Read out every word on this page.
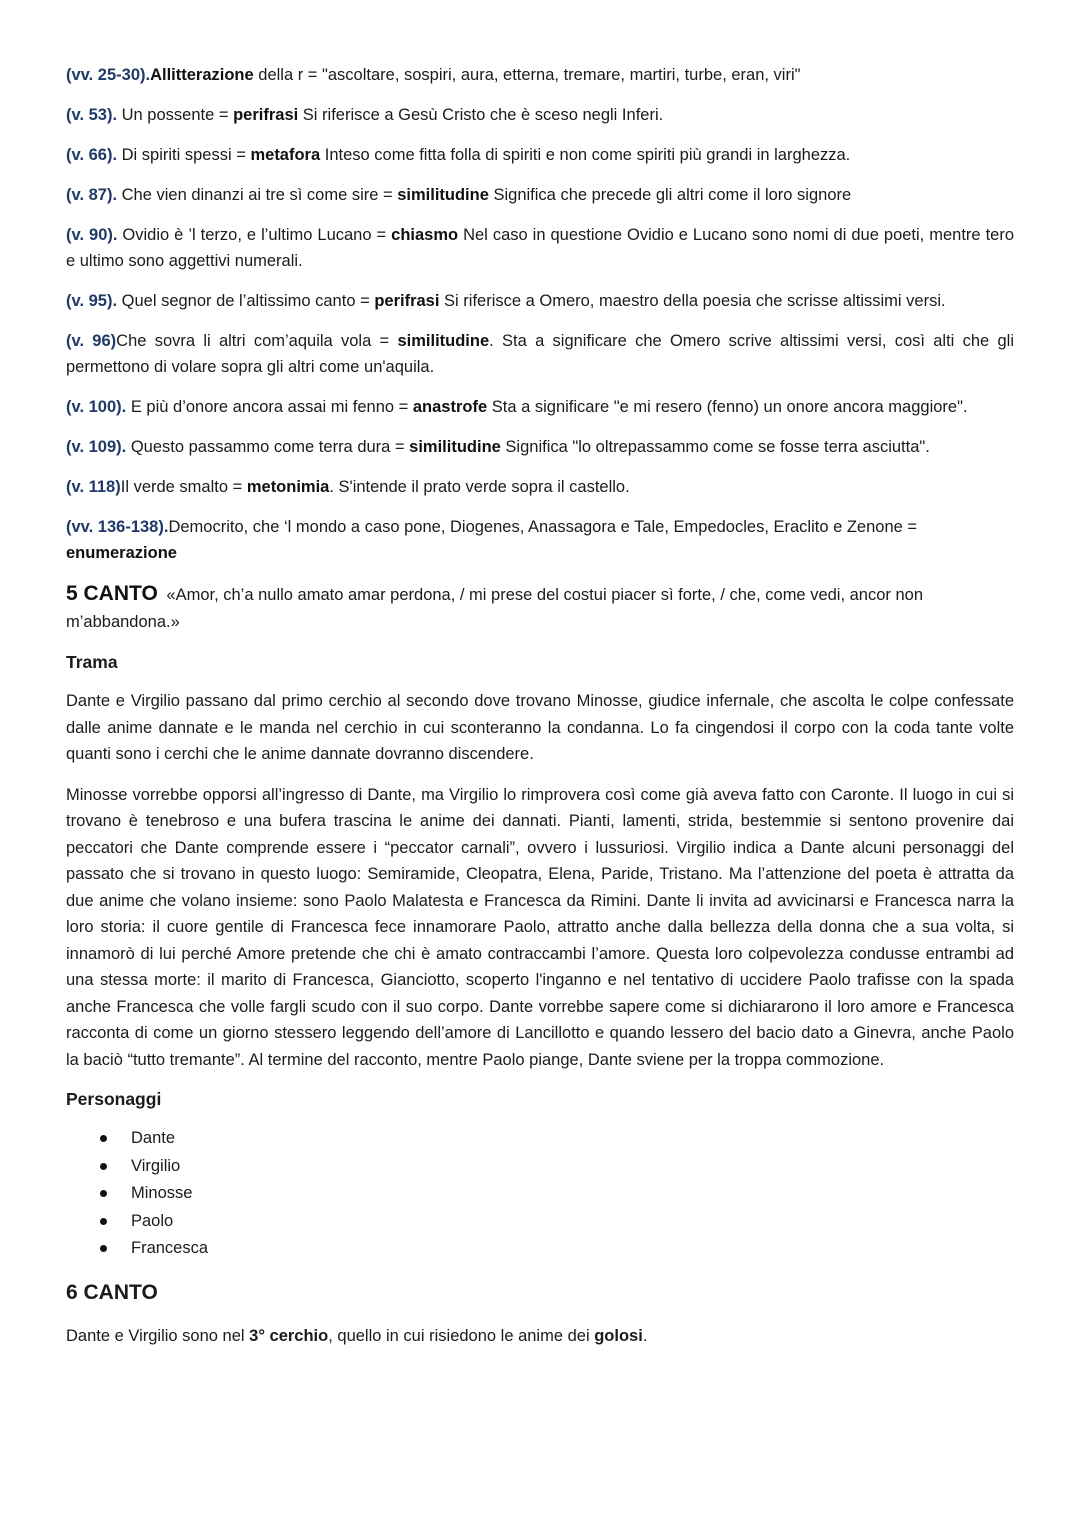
(vv. 25-30).Allitterazione della r = "ascoltare, sospiri, aura, etterna, tremare, martiri, turbe, eran, viri"

(v. 53). Un possente = perifrasi Si riferisce a Gesù Cristo che è sceso negli Inferi.

(v. 66). Di spiriti spessi = metafora Inteso come fitta folla di spiriti e non come spiriti più grandi in larghezza.

(v. 87). Che vien dinanzi ai tre sì come sire = similitudine Significa che precede gli altri come il loro signore

(v. 90). Ovidio è ’l terzo, e l’ultimo Lucano = chiasmo Nel caso in questione Ovidio e Lucano sono nomi di due poeti, mentre tero e ultimo sono aggettivi numerali.

(v. 95). Quel segnor de l’altissimo canto = perifrasi Si riferisce a Omero, maestro della poesia che scrisse altissimi versi.

(v. 96)Che sovra li altri com’aquila vola = similitudine. Sta a significare che Omero scrive altissimi versi, così alti che gli permettono di volare sopra gli altri come un'aquila.

(v. 100). E più d’onore ancora assai mi fenno = anastrofe Sta a significare "e mi resero (fenno) un onore ancora maggiore".

(v. 109). Questo passammo come terra dura = similitudine Significa "lo oltrepassammo come se fosse terra asciutta".

(v. 118)Il verde smalto = metonimia. S'intende il prato verde sopra il castello.

(vv. 136-138).Democrito, che ‘l mondo a caso pone, Diogenes, Anassagora e Tale, Empedocles, Eraclito e Zenone =
enumerazione

5 CANTO «Amor, ch’a nullo amato amar perdona, / mi prese del costui piacer sì forte, / che, come vedi, ancor non m’abbandona.»
Trama

Dante e Virgilio passano dal primo cerchio al secondo dove trovano Minosse, giudice infernale, che ascolta le colpe confessate dalle anime dannate e le manda nel cerchio in cui sconteranno la condanna. Lo fa cingendosi il corpo con la coda tante volte quanti sono i cerchi che le anime dannate dovranno discendere.

Minosse vorrebbe opporsi all’ingresso di Dante, ma Virgilio lo rimprovera così come già aveva fatto con Caronte. Il luogo in cui si trovano è tenebroso e una bufera trascina le anime dei dannati. Pianti, lamenti, strida, bestemmie si sentono provenire dai peccatori che Dante comprende essere i “peccator carnali”, ovvero i lussuriosi. Virgilio indica a Dante alcuni personaggi del passato che si trovano in questo luogo: Semiramide, Cleopatra, Elena, Paride, Tristano. Ma l’attenzione del poeta è attratta da due anime che volano insieme: sono Paolo Malatesta e Francesca da Rimini. Dante li invita ad avvicinarsi e Francesca narra la loro storia: il cuore gentile di Francesca fece innamorare Paolo, attratto anche dalla bellezza della donna che a sua volta, si innamorò di lui perché Amore pretende che chi è amato contraccambi l’amore. Questa loro colpevolezza condusse entrambi ad una stessa morte: il marito di Francesca, Gianciotto, scoperto l'inganno e nel tentativo di uccidere Paolo trafisse con la spada anche Francesca che volle fargli scudo con il suo corpo. Dante vorrebbe sapere come si dichiararono il loro amore e Francesca racconta di come un giorno stessero leggendo dell’amore di Lancillotto e quando lessero del bacio dato a Ginevra, anche Paolo la baciò “tutto tremante”. Al termine del racconto, mentre Paolo piange, Dante sviene per la troppa commozione.

Personaggi
Dante
Virgilio
Minosse
Paolo
Francesca
6 CANTO

Dante e Virgilio sono nel 3° cerchio, quello in cui risiedono le anime dei golosi.
